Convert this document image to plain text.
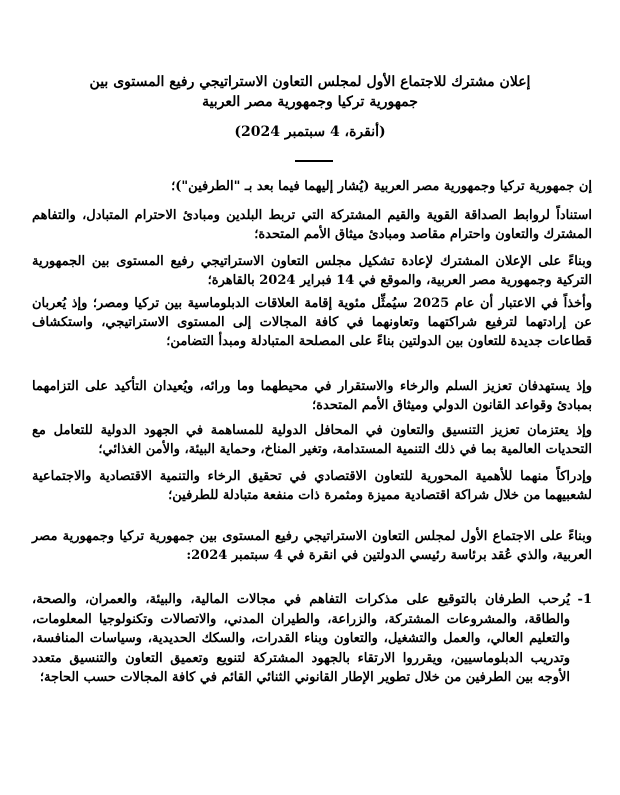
إعلان مشترك للاجتماع الأول لمجلس التعاون الاستراتيجي رفيع المستوى بين
جمهورية تركيا وجمهورية مصر العربية
(أنقرة، 4 سبتمبر 2024)
إن جمهورية تركيا وجمهورية مصر العربية (يُشار إليهما فيما بعد بـ "الطرفين")؛
استناداً لروابط الصداقة القوية والقيم المشتركة التي تربط البلدين ومبادئ الاحترام المتبادل، والتفاهم المشترك والتعاون واحترام مقاصد ومبادئ ميثاق الأمم المتحدة؛
وبناءً على الإعلان المشترك لإعادة تشكيل مجلس التعاون الاستراتيجي رفيع المستوى بين الجمهورية التركية وجمهورية مصر العربية، والموقع في 14 فبراير 2024 بالقاهرة؛
وأخذاً في الاعتبار أن عام 2025 سيُمثِّل مئوية إقامة العلاقات الدبلوماسية بين تركيا ومصر؛ وإذ يُعربان عن إرادتهما لترفيع شراكتهما وتعاونهما في كافة المجالات إلى المستوى الاستراتيجي، واستكشاف قطاعات جديدة للتعاون بين الدولتين بناءً على المصلحة المتبادلة ومبدأ التضامن؛
وإذ يستهدفان تعزيز السلم والرخاء والاستقرار في محيطهما وما ورائه، ويُعيدان التأكيد على التزامهما بمبادئ وقواعد القانون الدولي وميثاق الأمم المتحدة؛
وإذ يعتزمان تعزيز التنسيق والتعاون في المحافل الدولية للمساهمة في الجهود الدولية للتعامل مع التحديات العالمية بما في ذلك التنمية المستدامة، وتغير المناخ، وحماية البيئة، والأمن الغذائي؛
وإدراكاً منهما للأهمية المحورية للتعاون الاقتصادي في تحقيق الرخاء والتنمية الاقتصادية والاجتماعية لشعبيهما من خلال شراكة اقتصادية مميزة ومثمرة ذات منفعة متبادلة للطرفين؛
وبناءً على الاجتماع الأول لمجلس التعاون الاستراتيجي رفيع المستوى بين جمهورية تركيا وجمهورية مصر العربية، والذي عُقد برئاسة رئيسي الدولتين في انقرة في 4 سبتمبر 2024:
1-
يُرحب الطرفان بالتوقيع على مذكرات التفاهم في مجالات المالية، والبيئة، والعمران، والصحة، والطاقة، والمشروعات المشتركة، والزراعة، والطيران المدني، والاتصالات وتكنولوجيا المعلومات، والتعليم العالي، والعمل والتشغيل، والتعاون وبناء القدرات، والسكك الحديدية، وسياسات المنافسة، وتدريب الدبلوماسيين، ويقرروا الارتقاء بالجهود المشتركة لتنويع وتعميق التعاون والتنسيق متعدد الأوجه بين الطرفين من خلال تطوير الإطار القانوني الثنائي القائم في كافة المجالات حسب الحاجة؛
